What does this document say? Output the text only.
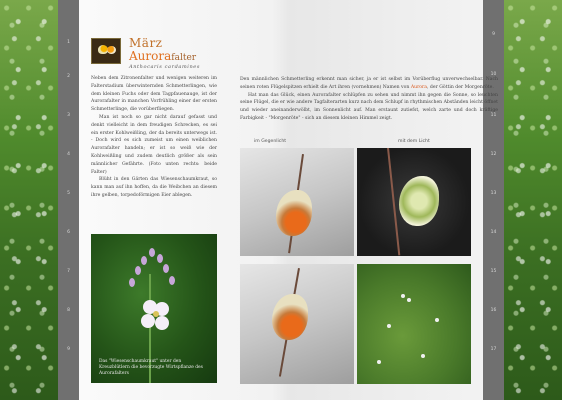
1
2
3
4
5
6
7
8
9
9
10
11
12
13
14
15
16
17
März
Aurorafalter
Anthocaris cardamines

Neben dem Zitronenfalter und wenigen weiteren im Falterstadium überwinternden Schmetterlingen, wie dem kleinen Fuchs oder dem Tagpfauenauge, ist der Aurorafalter in manchen Vorfrühling einer der ersten Schmetterlinge, die vorüberfliegen.

Man ist noch so gar nicht darauf gefasst und denkt vielleicht in dem freudigen Schrecken, es sei ein erster Kohlweißling, der da bereits unterwegs ist. - Doch wird es sich zumeist um einen weiblichen Aurorafalter handeln; er ist so weiß wie der Kohlweißling und zudem deutlich größer als sein männlicher Gefährte. (Foto unten rechts: beide Falter)

Blüht in den Gärten das Wiesenschaumkraut, so kann man auf ihn hoffen, da die Weibchen an diesem ihre gelben, torpedoförmigen Eier ablegen.

Den männlichen Schmetterling erkennt man sicher, ja er ist selbst im Vorüberflug unverwechselbar. Nach seinen roten Flügelspitzen erhielt die Art ihren (vornehmen) Namen von Aurora, der Göttin der Morgenröte.

Hat man das Glück, einen Aurorafalter schlüpfen zu sehen und nimmt ihn gegen die Sonne, so leuchten seine Flügel, die er wie andere Tagfalterarten kurz nach dem Schlupf in rhythmischen Abständen leicht öffnet und wieder aneinanderwölbt, im Sonnenlicht auf. Man erstaunt zutiefst, welch zarte und doch kräftige Farbigkeit - "Morgenröte" - sich an diesem kleinen Himmel zeigt.

im Gegenlicht	mit dem Licht
Das "Wiesenschaumkraut" unter den Kreuzblütlern die bevorzugte Wirtspflanze des Aurorafalters
